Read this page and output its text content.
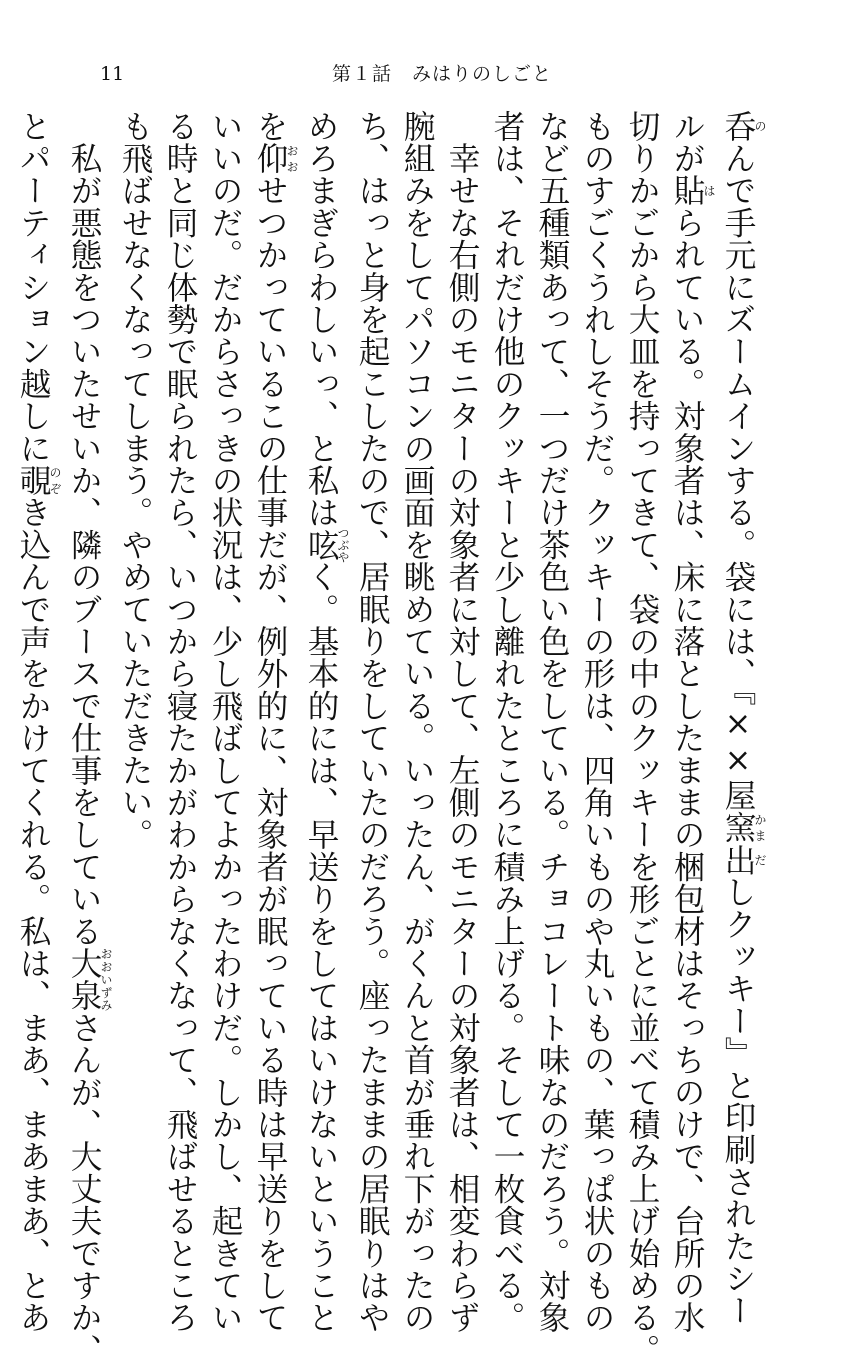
11	第１話　みはりのしごと
呑のんで手元にズームインする。袋には、『××屋窯かま出だしクッキー』と印刷されたシー
ルが貼はられている。対象者は、床に落としたままの梱包材はそっちのけで、台所の水
切りかごから大皿を持ってきて、袋の中のクッキーを形ごとに並べて積み上げ始める。
ものすごくうれしそうだ。クッキーの形は、四角いものや丸いもの、葉っぱ状のもの
など五種類あって、一つだけ茶色い色をしている。チョコレート味なのだろう。対象
者は、それだけ他のクッキーと少し離れたところに積み上げる。そして一枚食べる。
　幸せな右側のモニターの対象者に対して、左側のモニターの対象者は、相変わらず
腕組みをしてパソコンの画面を眺めている。いったん、がくんと首が垂れ下がったの
ち、はっと身を起こしたので、居眠りをしていたのだろう。座ったままの居眠りはや
めろまぎらわしいっ、と私は呟つぶやく。基本的には、早送りをしてはいけないということ
を仰おおせつかっているこの仕事だが、例外的に、対象者が眠っている時は早送りをして
いいのだ。だからさっきの状況は、少し飛ばしてよかったわけだ。しかし、起きてい
る時と同じ体勢で眠られたら、いつから寝たかがわからなくなって、飛ばせるところ
も飛ばせなくなってしまう。やめていただきたい。
　私が悪態をついたせいか、隣のブースで仕事をしている大泉おおいずみさんが、大丈夫ですか、
とパーティション越しに覗のぞき込んで声をかけてくれる。私は、まあ、まあまあ、とあ
